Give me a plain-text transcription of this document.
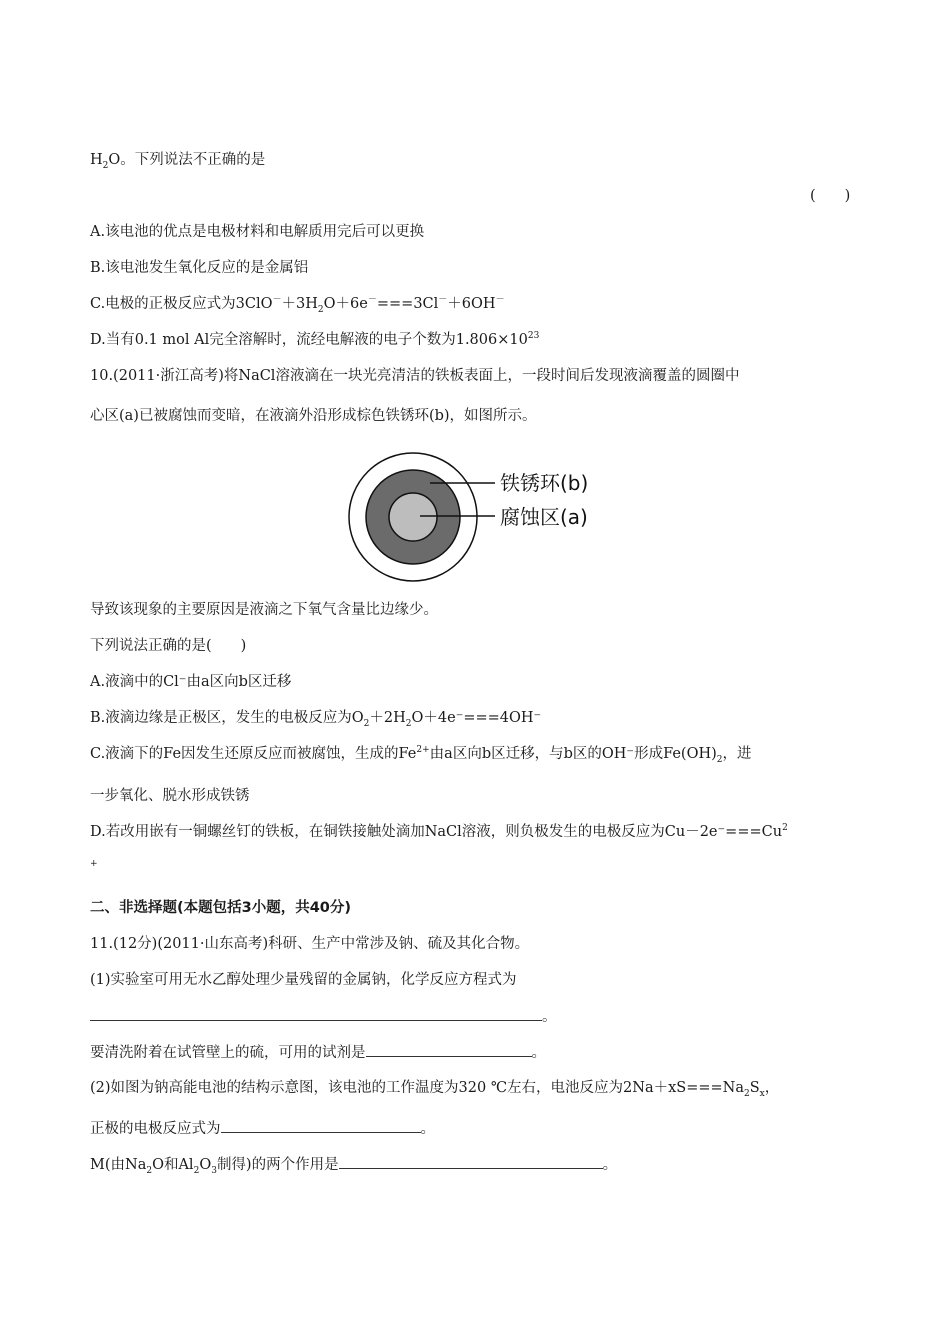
$H_2O$。下列说法不正确的是
(　　)
A.该电池的优点是电极材料和电解质用完后可以更换
B.该电池发生氧化反应的是金属铝
C.电极的正极反应式为$3ClO^-+3H_2O+6e^-===3Cl^-+6OH^-$
D.当有0.1 mol Al完全溶解时，流经电解液的电子个数为$1.806\times 10^{23}$
10.(2011·浙江高考)将NaCl溶液滴在一块光亮清洁的铁板表面上，一段时间后发现液滴覆盖的圆圈中
心区(a)已被腐蚀而变暗，在液滴外沿形成棕色铁锈环(b)，如图所示。
铁锈环(b)
腐蚀区(a)
导致该现象的主要原因是液滴之下氧气含量比边缘少。
下列说法正确的是(　　)
A.液滴中的Cl⁻由a区向b区迁移
B.液滴边缘是正极区，发生的电极反应为$O_2+2H_2O+4e^-===4OH^-$
C.液滴下的Fe因发生还原反应而被腐蚀，生成的$Fe^{2+}$由a区向b区迁移，与b区的OH⁻形成$Fe(OH)_2$，进
一步氧化、脱水形成铁锈
D.若改用嵌有一铜螺丝钉的铁板，在铜铁接触处滴加NaCl溶液，则负极发生的电极反应为$Cu-2e^-===Cu^2$
+
二、非选择题(本题包括3小题，共40分)
11.(12分)(2011·山东高考)科研、生产中常涉及钠、硫及其化合物。
(1)实验室可用无水乙醇处理少量残留的金属钠，化学反应方程式为
。
要清洗附着在试管壁上的硫，可用的试剂是	。
(2)如图为钠高能电池的结构示意图，该电池的工作温度为320 ℃左右，电池反应为$2Na+xS===Na_2S_x$，
正极的电极反应式为	。
M(由$Na_2O$和$Al_2O_3$制得)的两个作用是	。
